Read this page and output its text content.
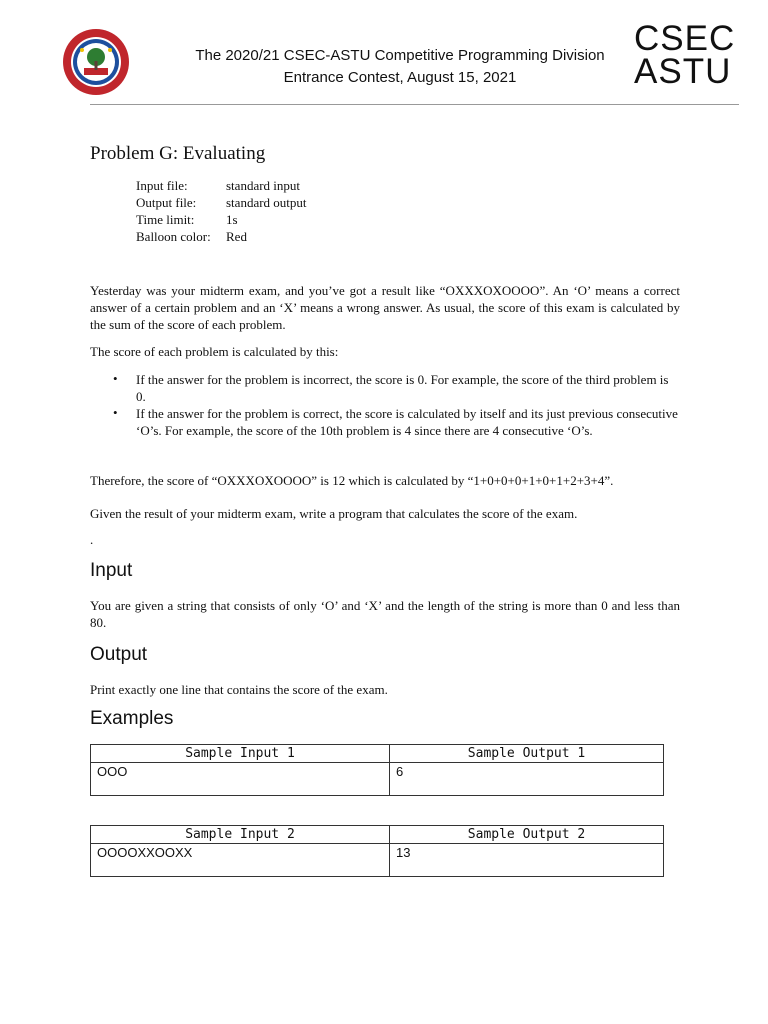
The 2020/21 CSEC-ASTU Competitive Programming Division
Entrance Contest, August 15, 2021
CSEC
ASTU
Problem G: Evaluating
Input file:	standard input
Output file: standard output
Time limit: 1s
Balloon color: Red
Yesterday was your midterm exam, and you’ve got a result like “OXXXOXOOOO”. An ‘O’ means a correct answer of a certain problem and an ‘X’ means a wrong answer. As usual, the score of this exam is calculated by the sum of the score of each problem.
The score of each problem is calculated by this:
• If the answer for the problem is incorrect, the score is 0. For example, the score of the third problem is 0.
• If the answer for the problem is correct, the score is calculated by itself and its just previous consecutive ‘O’s. For example, the score of the 10th problem is 4 since there are 4 consecutive ‘O’s.
Therefore, the score of “OXXXOXOOOO” is 12 which is calculated by “1+0+0+0+1+0+1+2+3+4”.
Given the result of your midterm exam, write a program that calculates the score of the exam.
.
Input
You are given a string that consists of only ‘O’ and ‘X’ and the length of the string is more than 0 and less than 80.
Output
Print exactly one line that contains the score of the exam.
Examples
Sample Input 1	Sample Output 1
OOO	6
Sample Input 2	Sample Output 2
OOOOXXOOXX	13
